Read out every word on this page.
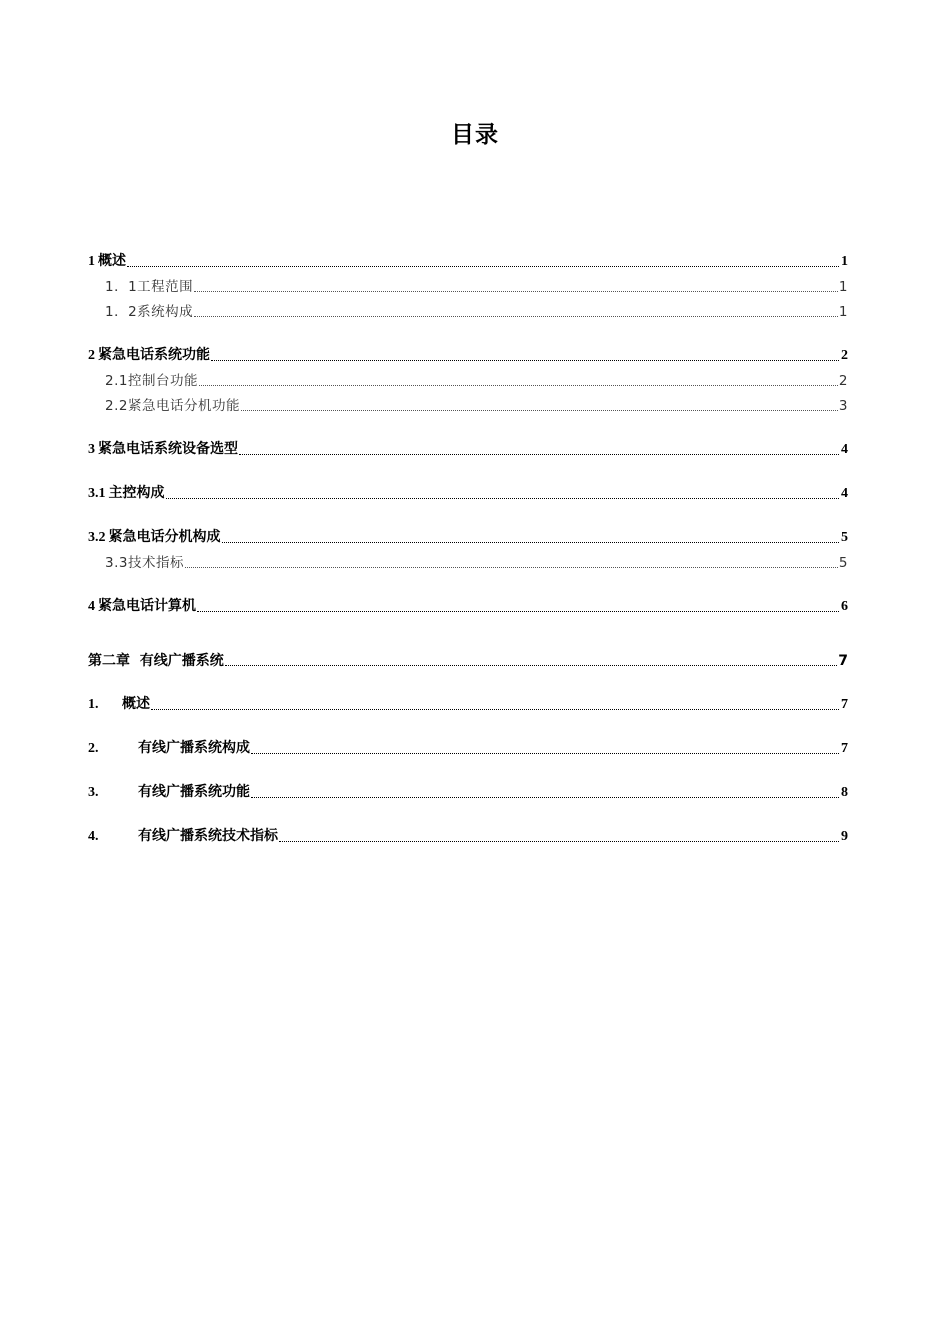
目录
1 概述	1
1．1工程范围	1
1．2系统构成	1
2 紧急电话系统功能	2
2.1控制台功能	2
2.2紧急电话分机功能	3
3 紧急电话系统设备选型	4
3.1 主控构成	4
3.2 紧急电话分机构成	5
3.3技术指标	5
4 紧急电话计算机	6
第二章  有线广播系统	7
1.	概述	7
2.	有线广播系统构成	7
3.	有线广播系统功能	8
4.	有线广播系统技术指标	9
